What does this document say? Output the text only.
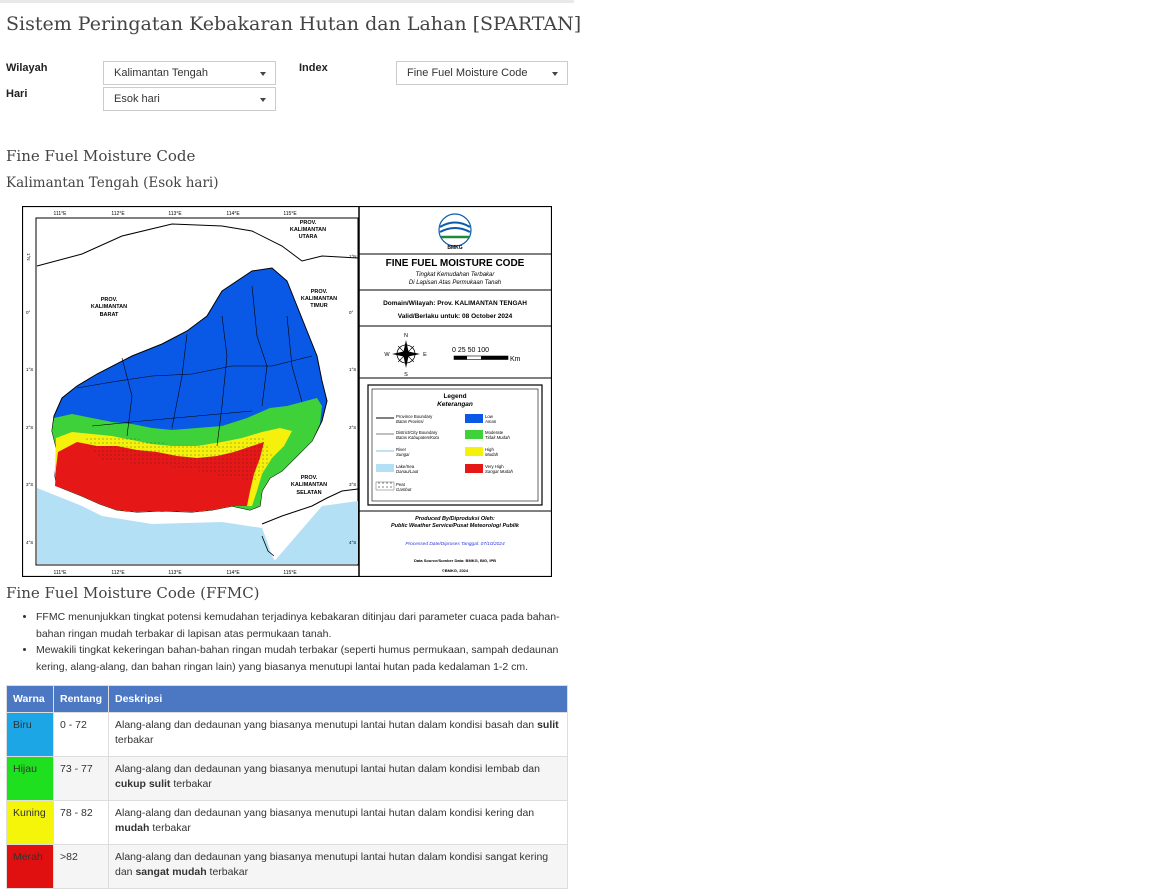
Sistem Peringatan Kebakaran Hutan dan Lahan [SPARTAN]
Wilayah	Kalimantan Tengah
Hari	Esok hari
Index	Fine Fuel Moisture Code
Fine Fuel Moisture Code
Kalimantan Tengah (Esok hari)
PROV.
KALIMANTAN
UTARA
PROV.
KALIMANTAN
BARAT
PROV.
KALIMANTAN
TIMUR
PROV.
KALIMANTAN
SELATAN
111°E	112°E	113°E	114°E	115°E
111°E	112°E	113°E	114°E	115°E
1°N
0°
1°S
2°S
3°S
4°S
1°N
0°
1°S
2°S
3°S
4°S
BMKG
FINE FUEL MOISTURE CODE
Tingkat Kemudahan Terbakar
Di Lapisan Atas Permukaan Tanah
Domain/Wilayah: Prov. KALIMANTAN TENGAH
Valid/Berlaku untuk: 08 October 2024
N
S
E
W
0 25 50 100
Km
Legend
Keterangan
Province Boundary
Batas Provinsi
District/City Boundary
Batas Kabupaten/Kota
River
Sungai
Lake/Sea
Danau/Laut
Peat
Gambut
Low
Aman
Moderate
Tidak Mudah
High
Mudah
Very High
Sangat Mudah
Produced By/Diproduksi Oleh:
Public Weather Service/Pusat Meteorologi Publik
Processed Date/Diproses Tanggal: 07/10/2024
Data Source/Sumber Data: BMKG, BIG, IPB
©BMKG, 2024
Fine Fuel Moisture Code (FFMC)
• FFMC menunjukkan tingkat potensi kemudahan terjadinya kebakaran ditinjau dari parameter cuaca pada bahan-bahan ringan mudah terbakar di lapisan atas permukaan tanah.
• Mewakili tingkat kekeringan bahan-bahan ringan mudah terbakar (seperti humus permukaan, sampah dedaunan kering, alang-alang, dan bahan ringan lain) yang biasanya menutupi lantai hutan pada kedalaman 1-2 cm.
Warna	Rentang	Deskripsi
Biru	0 - 72	Alang-alang dan dedaunan yang biasanya menutupi lantai hutan dalam kondisi basah dan sulit terbakar
Hijau	73 - 77	Alang-alang dan dedaunan yang biasanya menutupi lantai hutan dalam kondisi lembab dan cukup sulit terbakar
Kuning	78 - 82	Alang-alang dan dedaunan yang biasanya menutupi lantai hutan dalam kondisi kering dan mudah terbakar
Merah	>82	Alang-alang dan dedaunan yang biasanya menutupi lantai hutan dalam kondisi sangat kering dan sangat mudah terbakar
